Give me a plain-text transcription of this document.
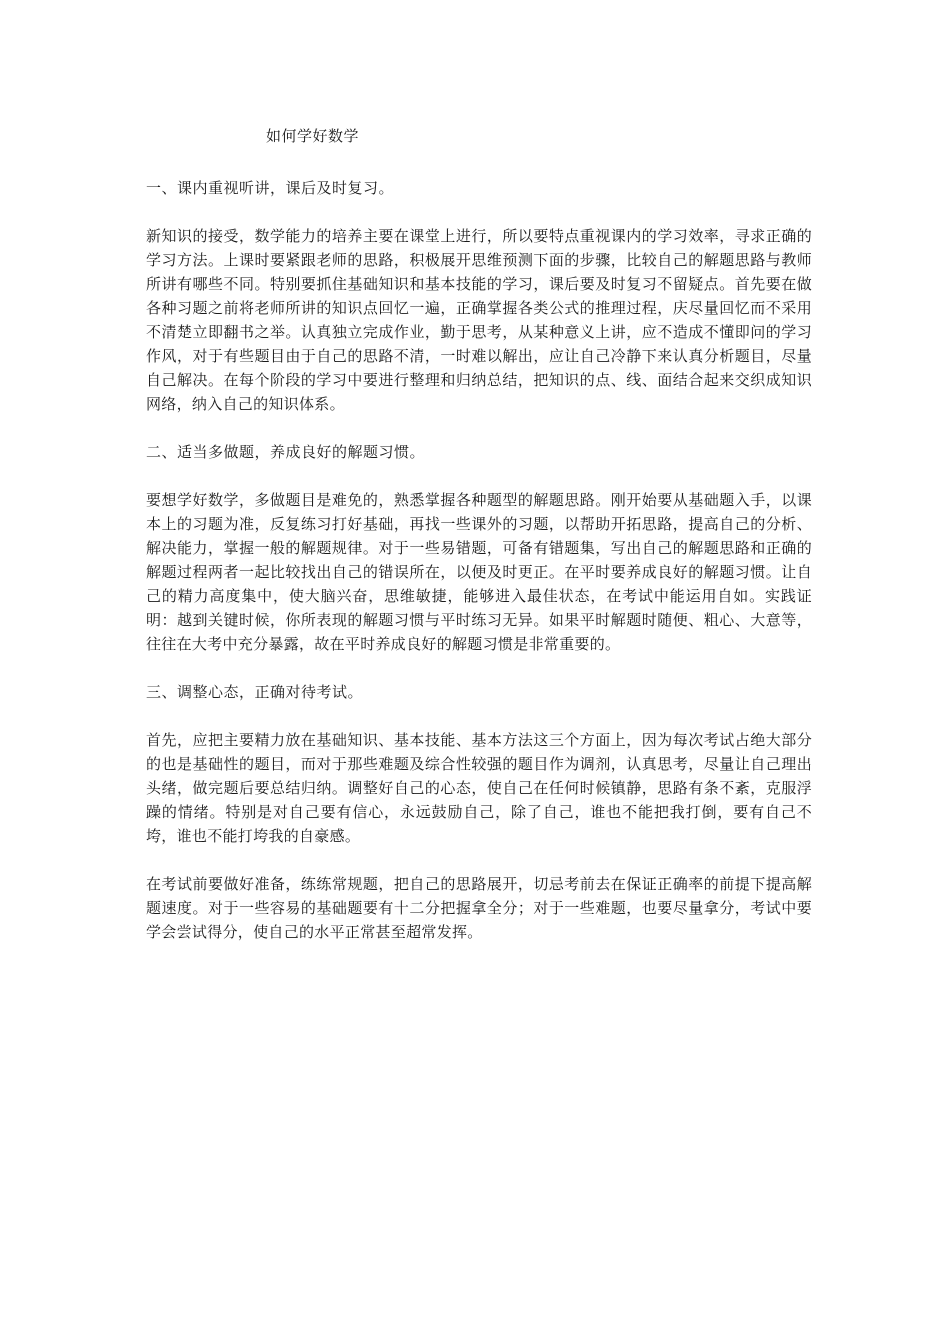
如何学好数学

一、课内重视听讲，课后及时复习。

新知识的接受，数学能力的培养主要在课堂上进行，所以要特点重视课内的学习效率，寻求正确的学习方法。上课时要紧跟老师的思路，积极展开思维预测下面的步骤，比较自己的解题思路与教师所讲有哪些不同。特别要抓住基础知识和基本技能的学习，课后要及时复习不留疑点。首先要在做各种习题之前将老师所讲的知识点回忆一遍，正确掌握各类公式的推理过程，庆尽量回忆而不采用不清楚立即翻书之举。认真独立完成作业，勤于思考，从某种意义上讲，应不造成不懂即问的学习作风，对于有些题目由于自己的思路不清，一时难以解出，应让自己冷静下来认真分析题目，尽量自己解决。在每个阶段的学习中要进行整理和归纳总结，把知识的点、线、面结合起来交织成知识网络，纳入自己的知识体系。

二、适当多做题，养成良好的解题习惯。

要想学好数学，多做题目是难免的，熟悉掌握各种题型的解题思路。刚开始要从基础题入手，以课本上的习题为准，反复练习打好基础，再找一些课外的习题，以帮助开拓思路，提高自己的分析、解决能力，掌握一般的解题规律。对于一些易错题，可备有错题集，写出自己的解题思路和正确的解题过程两者一起比较找出自己的错误所在，以便及时更正。在平时要养成良好的解题习惯。让自己的精力高度集中，使大脑兴奋，思维敏捷，能够进入最佳状态，在考试中能运用自如。实践证明：越到关键时候，你所表现的解题习惯与平时练习无异。如果平时解题时随便、粗心、大意等，往往在大考中充分暴露，故在平时养成良好的解题习惯是非常重要的。

三、调整心态，正确对待考试。

首先，应把主要精力放在基础知识、基本技能、基本方法这三个方面上，因为每次考试占绝大部分的也是基础性的题目，而对于那些难题及综合性较强的题目作为调剂，认真思考，尽量让自己理出头绪，做完题后要总结归纳。调整好自己的心态，使自己在任何时候镇静，思路有条不紊，克服浮躁的情绪。特别是对自己要有信心，永远鼓励自己，除了自己，谁也不能把我打倒，要有自己不垮，谁也不能打垮我的自豪感。

在考试前要做好准备，练练常规题，把自己的思路展开，切忌考前去在保证正确率的前提下提高解题速度。对于一些容易的基础题要有十二分把握拿全分；对于一些难题，也要尽量拿分，考试中要学会尝试得分，使自己的水平正常甚至超常发挥。
